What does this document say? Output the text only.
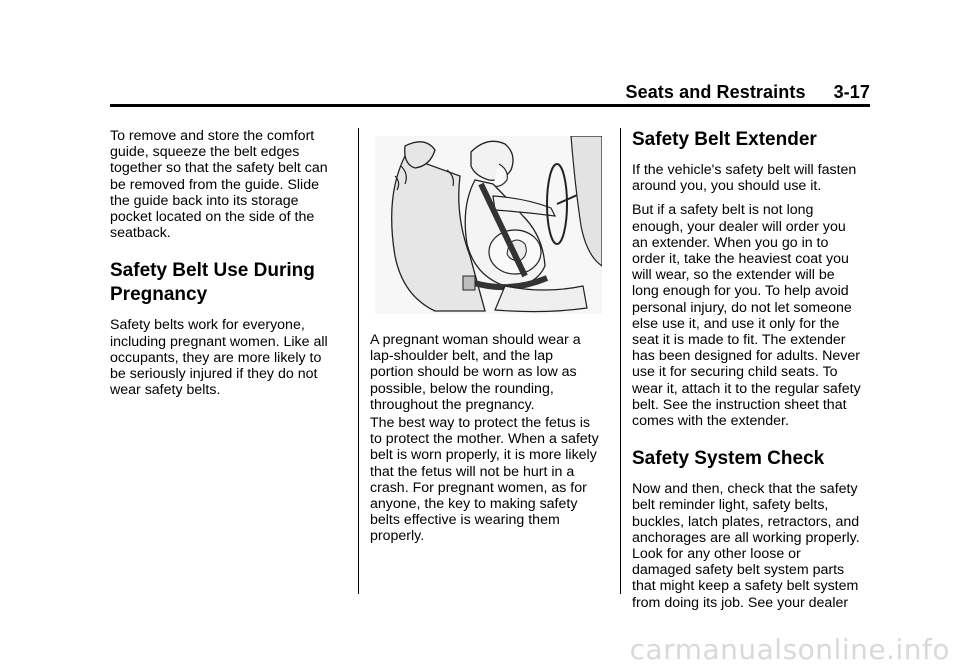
Seats and Restraints 3-17

To remove and store the comfort
guide, squeeze the belt edges
together so that the safety belt can
be removed from the guide. Slide
the guide back into its storage
pocket located on the side of the
seatback.

Safety Belt Use During
Pregnancy

Safety belts work for everyone,
including pregnant women. Like all
occupants, they are more likely to
be seriously injured if they do not
wear safety belts.

A pregnant woman should wear a
lap-shoulder belt, and the lap
portion should be worn as low as
possible, below the rounding,
throughout the pregnancy.

The best way to protect the fetus is
to protect the mother. When a safety
belt is worn properly, it is more likely
that the fetus will not be hurt in a
crash. For pregnant women, as for
anyone, the key to making safety
belts effective is wearing them
properly.

Safety Belt Extender

If the vehicle's safety belt will fasten
around you, you should use it.

But if a safety belt is not long
enough, your dealer will order you
an extender. When you go in to
order it, take the heaviest coat you
will wear, so the extender will be
long enough for you. To help avoid
personal injury, do not let someone
else use it, and use it only for the
seat it is made to fit. The extender
has been designed for adults. Never
use it for securing child seats. To
wear it, attach it to the regular safety
belt. See the instruction sheet that
comes with the extender.

Safety System Check

Now and then, check that the safety
belt reminder light, safety belts,
buckles, latch plates, retractors, and
anchorages are all working properly.
Look for any other loose or
damaged safety belt system parts
that might keep a safety belt system
from doing its job. See your dealer

carmanualsonline.info
